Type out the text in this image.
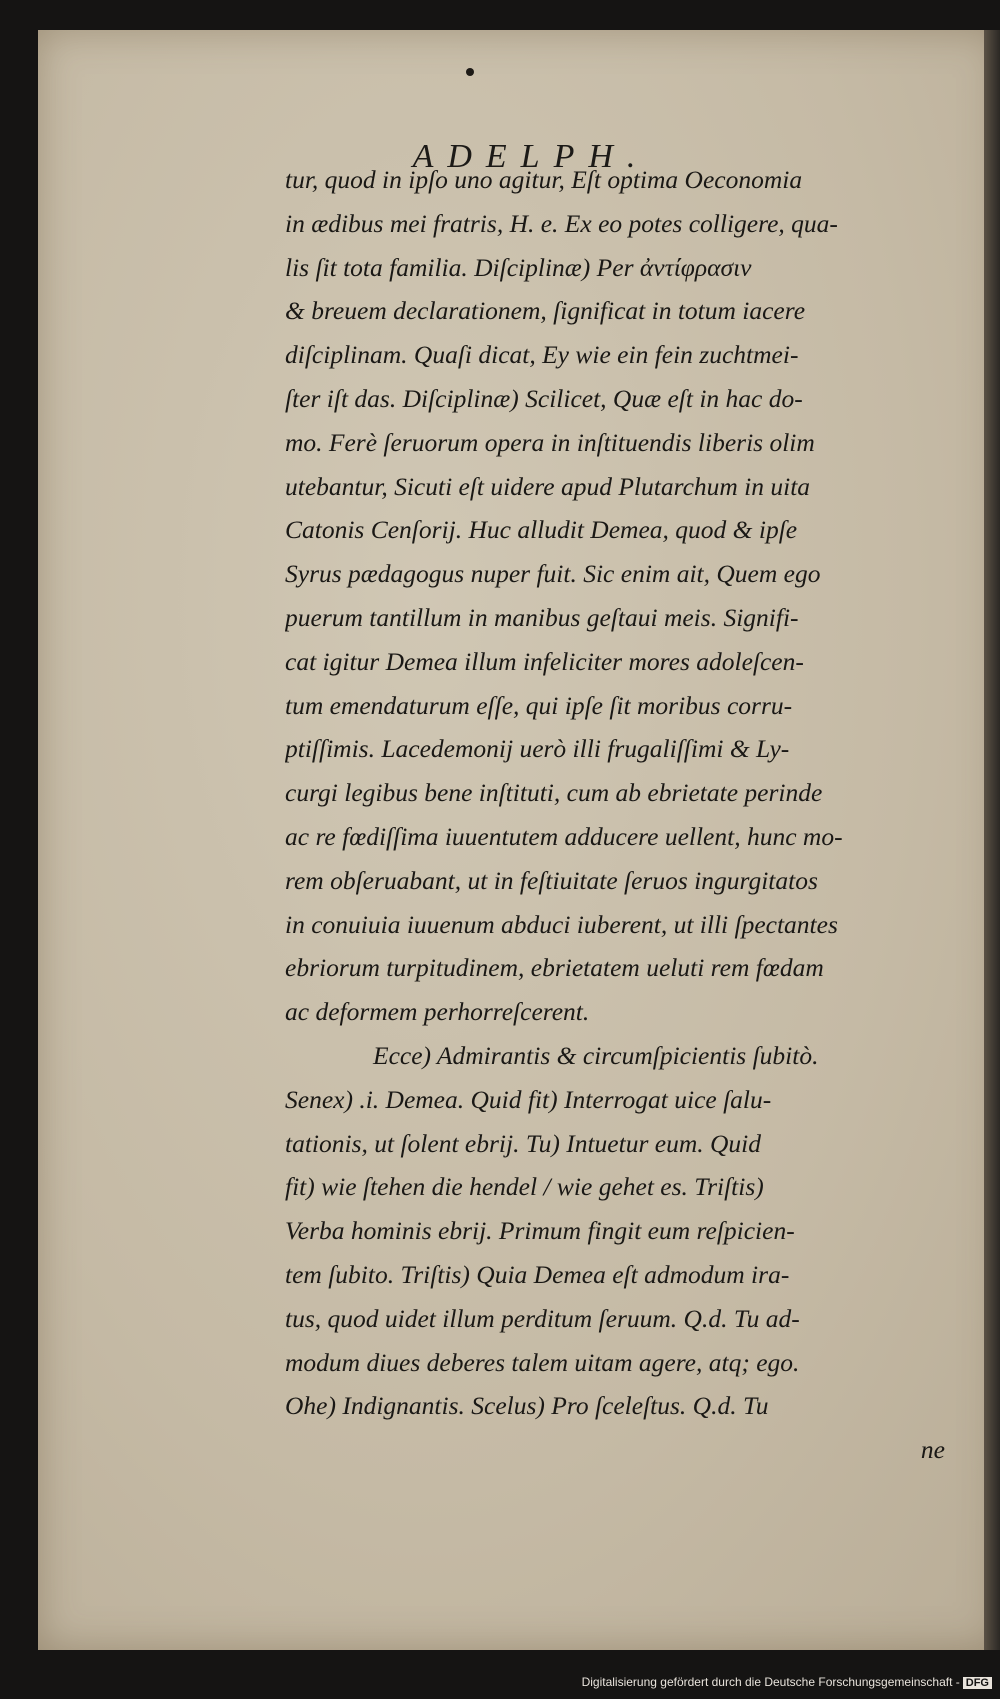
ADELPH.
tur, quod in ipſo uno agitur, Eſt optima Oeconomia
in ædibus mei fratris, H. e. Ex eo potes colligere, qua-
lis ſit tota familia. Diſciplinæ) Per ἀντίφρασιν
& breuem declarationem, ſignificat in totum iacere
diſciplinam. Quaſi dicat, Ey wie ein fein zuchtmei-
ſter iſt das. Diſciplinæ) Scilicet, Quæ eſt in hac do-
mo. Ferè ſeruorum opera in inſtituendis liberis olim
utebantur, Sicuti eſt uidere apud Plutarchum in uita
Catonis Cenſorij. Huc alludit Demea, quod & ipſe
Syrus pædagogus nuper fuit. Sic enim ait, Quem ego
puerum tantillum in manibus geſtaui meis. Signifi-
cat igitur Demea illum infeliciter mores adoleſcen-
tum emendaturum eſſe, qui ipſe ſit moribus corru-
ptiſſimis. Lacedemonij uerò illi frugaliſſimi & Ly-
curgi legibus bene inſtituti, cum ab ebrietate perinde
ac re fœdiſſima iuuentutem adducere uellent, hunc mo-
rem obſeruabant, ut in feſtiuitate ſeruos ingurgitatos
in conuiuia iuuenum abduci iuberent, ut illi ſpectantes
ebriorum turpitudinem, ebrietatem ueluti rem fœdam
ac deformem perhorreſcerent.
Ecce) Admirantis & circumſpicientis ſubitò.
Senex) .i. Demea. Quid fit) Interrogat uice ſalu-
tationis, ut ſolent ebrij. Tu) Intuetur eum. Quid
fit) wie ſtehen die hendel / wie gehet es. Triſtis)
Verba hominis ebrij. Primum fingit eum reſpicien-
tem ſubito. Triſtis) Quia Demea eſt admodum ira-
tus, quod uidet illum perditum ſeruum. Q.d. Tu ad-
modum diues deberes talem uitam agere, atq; ego.
Ohe) Indignantis. Scelus) Pro ſceleſtus. Q.d. Tu
ne
Digitalisierung gefördert durch die Deutsche Forschungsgemeinschaft - DFG
